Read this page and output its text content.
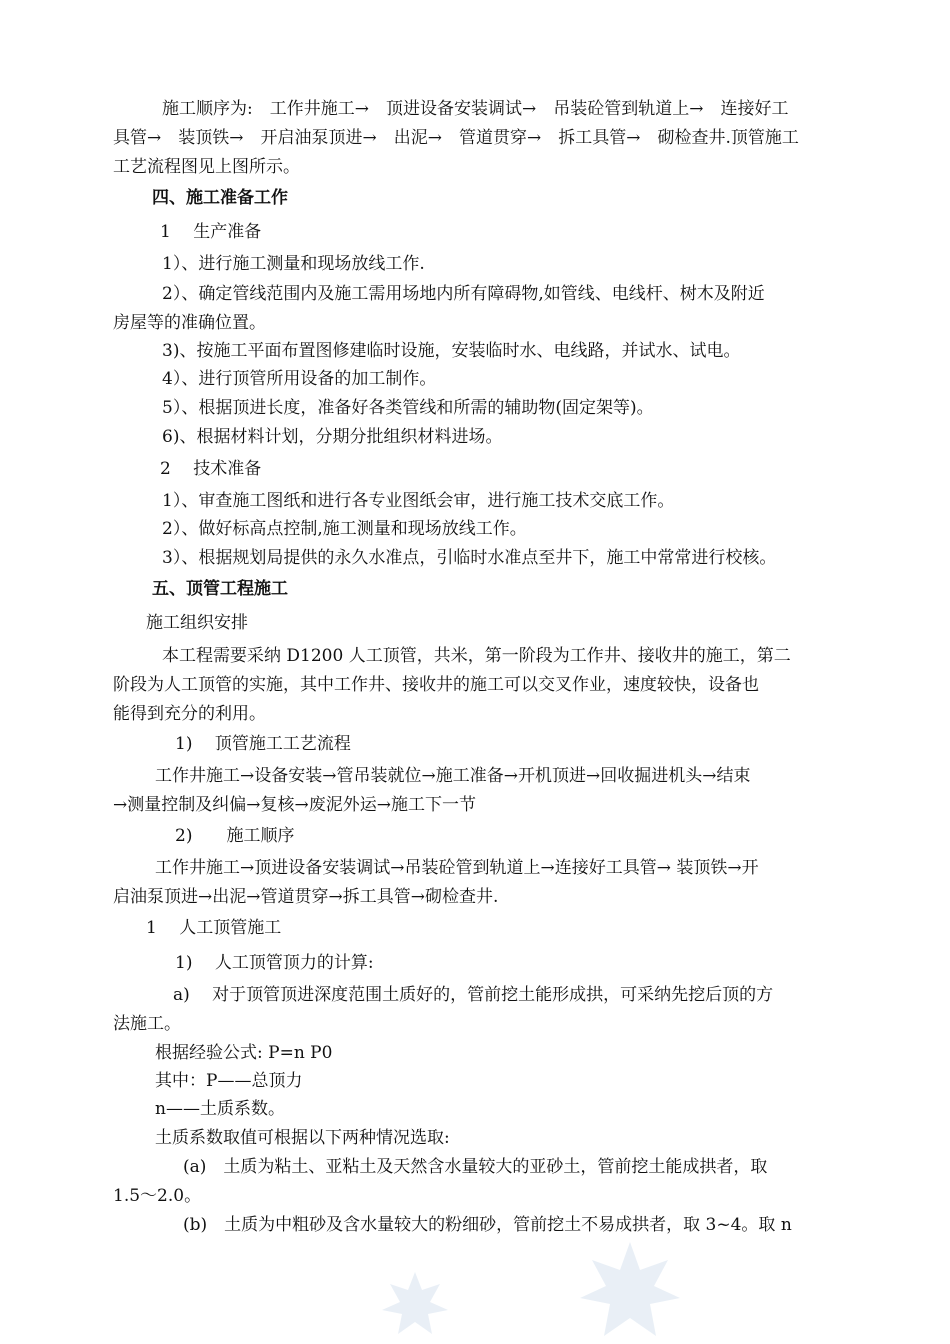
施工顺序为:　工作井施工→　顶进设备安装调试→　吊装砼管到轨道上→　连接好工
具管→　装顶铁→　开启油泵顶进→　出泥→　管道贯穿→　拆工具管→　砌检查井.顶管施工
工艺流程图见上图所示。
四、施工准备工作
1　 生产准备
1）、进行施工测量和现场放线工作.
2）、确定管线范围内及施工需用场地内所有障碍物,如管线、电线杆、树木及附近
房屋等的准确位置。
3)、按施工平面布置图修建临时设施，安装临时水、电线路，并试水、试电。
4）、进行顶管所用设备的加工制作。
5）、根据顶进长度，准备好各类管线和所需的辅助物(固定架等)。
6)、根据材料计划，分期分批组织材料进场。
2　 技术准备
1）、审查施工图纸和进行各专业图纸会审，进行施工技术交底工作。
2）、做好标高点控制,施工测量和现场放线工作。
3）、根据规划局提供的永久水准点，引临时水准点至井下，施工中常常进行校核。
五、顶管工程施工
施工组织安排
本工程需要采纳 D1200 人工顶管，共米，第一阶段为工作井、接收井的施工，第二
阶段为人工顶管的实施，其中工作井、接收井的施工可以交叉作业，速度较快，设备也
能得到充分的利用。
1)　 顶管施工工艺流程
工作井施工→设备安装→管吊装就位→施工准备→开机顶进→回收掘进机头→结束
→测量控制及纠偏→复核→废泥外运→施工下一节
2)　　施工顺序
工作井施工→顶进设备安装调试→吊装砼管到轨道上→连接好工具管→ 装顶铁→开
启油泵顶进→出泥→管道贯穿→拆工具管→砌检查井.
1　 人工顶管施工
1)　 人工顶管顶力的计算:
a)　 对于顶管顶进深度范围土质好的，管前挖土能形成拱，可采纳先挖后顶的方
法施工。
根据经验公式: P=n P0
其中：P——总顶力
n——土质系数。
土质系数取值可根据以下两种情况选取:
(a)　土质为粘土、亚粘土及天然含水量较大的亚砂土，管前挖土能成拱者，取
1.5～2.0。
(b)　土质为中粗砂及含水量较大的粉细砂，管前挖土不易成拱者，取 3~4。取 n
